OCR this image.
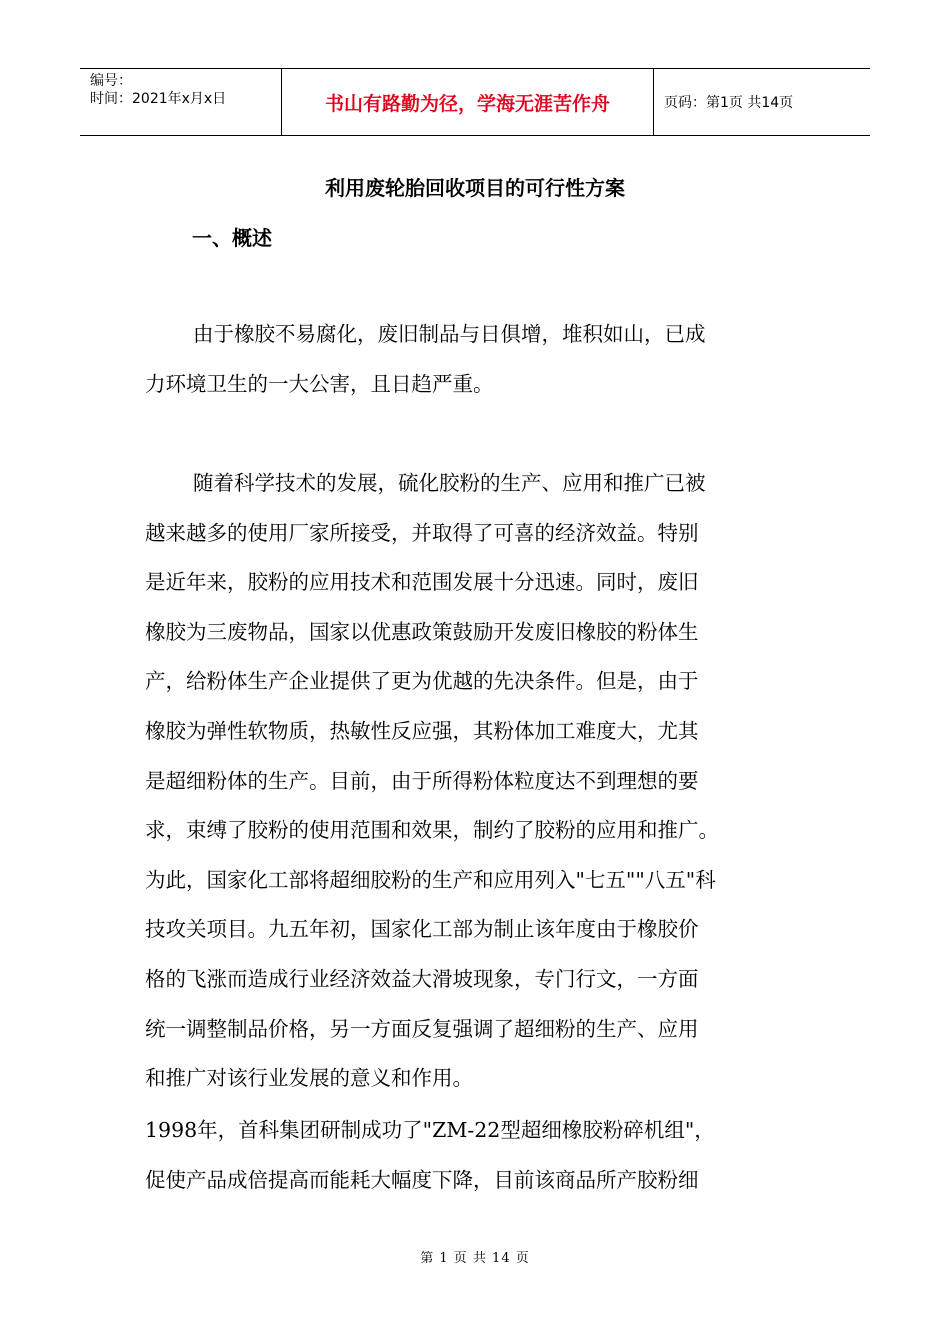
编号：
时间：2021年x月x日	书山有路勤为径，学海无涯苦作舟	页码：第1页 共14页
利用废轮胎回收项目的可行性方案
一、概述
由于橡胶不易腐化，废旧制品与日俱增，堆积如山，已成
力环境卫生的一大公害，且日趋严重。
随着科学技术的发展，硫化胶粉的生产、应用和推广已被
越来越多的使用厂家所接受，并取得了可喜的经济效益。特别
是近年来，胶粉的应用技术和范围发展十分迅速。同时，废旧
橡胶为三废物品，国家以优惠政策鼓励开发废旧橡胶的粉体生
产，给粉体生产企业提供了更为优越的先决条件。但是，由于
橡胶为弹性软物质，热敏性反应强，其粉体加工难度大，尤其
是超细粉体的生产。目前，由于所得粉体粒度达不到理想的要
求，束缚了胶粉的使用范围和效果，制约了胶粉的应用和推广。
为此，国家化工部将超细胶粉的生产和应用列入"七五""八五"科
技攻关项目。九五年初，国家化工部为制止该年度由于橡胶价
格的飞涨而造成行业经济效益大滑坡现象，专门行文，一方面
统一调整制品价格，另一方面反复强调了超细粉的生产、应用
和推广对该行业发展的意义和作用。
1998年，首科集团研制成功了"ZM-22型超细橡胶粉碎机组"，
促使产品成倍提高而能耗大幅度下降，目前该商品所产胶粉细
第 1 页 共 14 页
